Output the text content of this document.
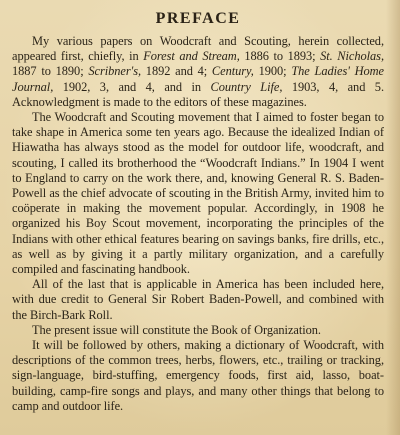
PREFACE

My various papers on Woodcraft and Scouting, herein collected, appeared first, chiefly, in Forest and Stream, 1886 to 1893; St. Nicholas, 1887 to 1890; Scribner's, 1892 and 4; Century, 1900; The Ladies' Home Journal, 1902, 3, and 4, and in Country Life, 1903, 4, and 5. Acknowledgment is made to the editors of these magazines.

The Woodcraft and Scouting movement that I aimed to foster began to take shape in America some ten years ago. Because the idealized Indian of Hiawatha has always stood as the model for outdoor life, woodcraft, and scouting, I called its brotherhood the “Woodcraft Indians.” In 1904 I went to England to carry on the work there, and, knowing General R. S. Baden-Powell as the chief advocate of scouting in the British Army, invited him to coöperate in making the movement popular. Accordingly, in 1908 he organized his Boy Scout movement, incorporating the principles of the Indians with other ethical features bearing on savings banks, fire drills, etc., as well as by giving it a partly military organization, and a carefully compiled and fascinating handbook.

All of the last that is applicable in America has been included here, with due credit to General Sir Robert Baden-Powell, and combined with the Birch-Bark Roll.

The present issue will constitute the Book of Organization.

It will be followed by others, making a dictionary of Woodcraft, with descriptions of the common trees, herbs, flowers, etc., trailing or tracking, sign-language, bird-stuffing, emergency foods, first aid, lasso, boat-building, camp-fire songs and plays, and many other things that belong to camp and outdoor life.
